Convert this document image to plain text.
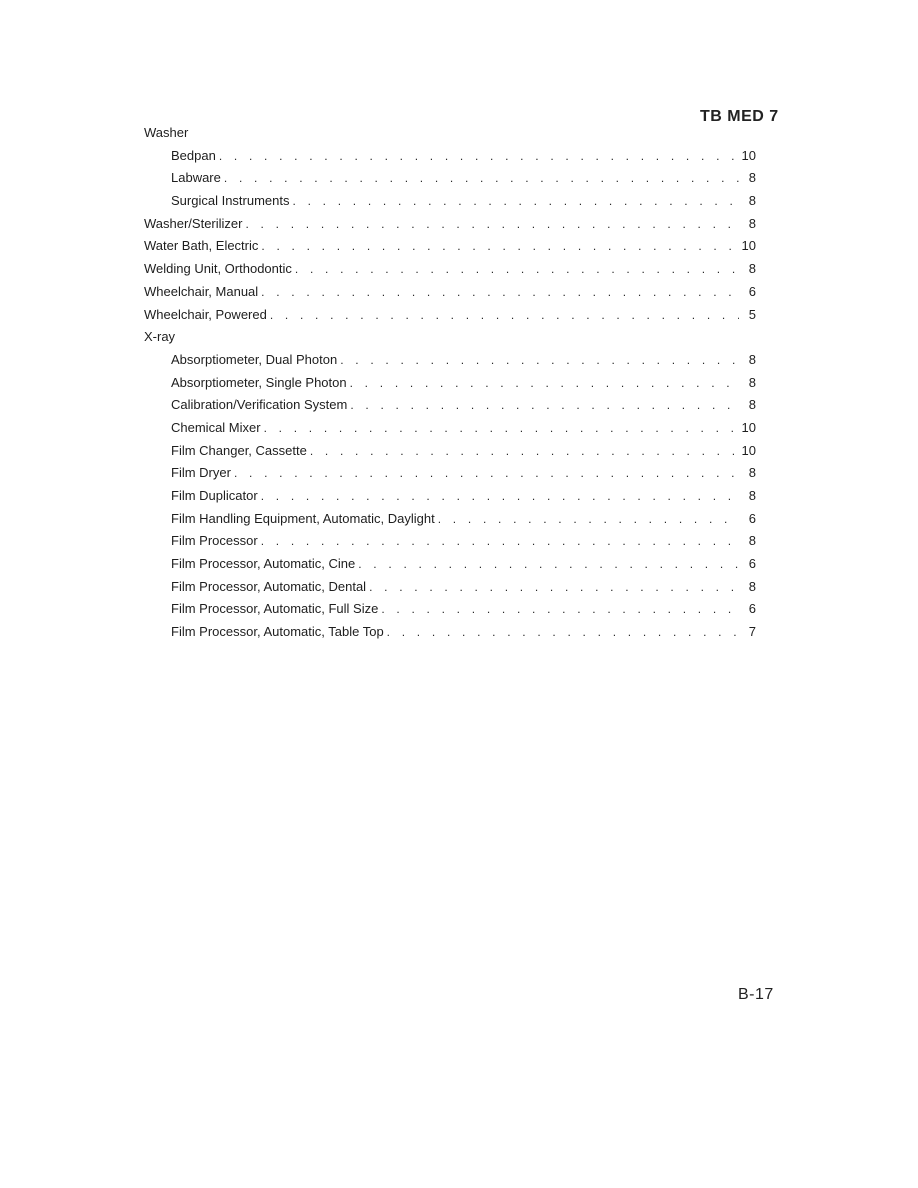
TB MED 7
Washer
Bedpan . . .	10
Labware . . .	8
Surgical Instruments . . .	8
Washer/Sterilizer . . .	8
Water Bath, Electric . . .	10
Welding Unit, Orthodontic . . .	8
Wheelchair, Manual . . .	6
Wheelchair, Powered . . .	5
X-ray
Absorptiometer, Dual Photon . . .	8
Absorptiometer, Single Photon . . .	8
Calibration/Verification System . . .	8
Chemical Mixer . . .	10
Film Changer, Cassette . . .	10
Film Dryer . . .	8
Film Duplicator . . .	8
Film Handling Equipment, Automatic, Daylight . . .	6
Film Processor . . .	8
Film Processor, Automatic, Cine . . .	6
Film Processor, Automatic, Dental . . .	8
Film Processor, Automatic, Full Size . . .	6
Film Processor, Automatic, Table Top . . .	7
B-17
